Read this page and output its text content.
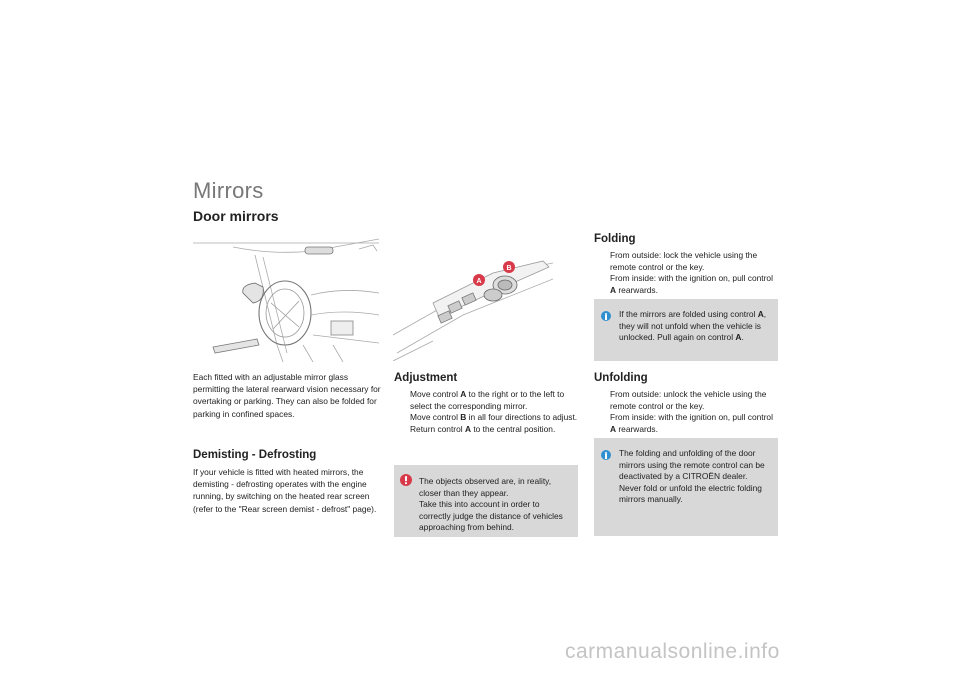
Mirrors
Door mirrors
Each fitted with an adjustable mirror glass permitting the lateral rearward vision necessary for overtaking or parking. They can also be folded for parking in confined spaces.
Demisting - Defrosting
If your vehicle is fitted with heated mirrors, the demisting - defrosting operates with the engine running, by switching on the heated rear screen (refer to the "Rear screen demist - defrost" page).
A
B
Adjustment
Move control A to the right or to the left to select the corresponding mirror.
Move control B in all four directions to adjust.
Return control A to the central position.
The objects observed are, in reality, closer than they appear.
Take this into account in order to correctly judge the distance of vehicles approaching from behind.
Folding
From outside: lock the vehicle using the remote control or the key.
From inside: with the ignition on, pull control A rearwards.
If the mirrors are folded using control A, they will not unfold when the vehicle is unlocked. Pull again on control A.
Unfolding
From outside: unlock the vehicle using the remote control or the key.
From inside: with the ignition on, pull control A rearwards.
The folding and unfolding of the door mirrors using the remote control can be deactivated by a CITROËN dealer.
Never fold or unfold the electric folding mirrors manually.
carmanualsonline.info
